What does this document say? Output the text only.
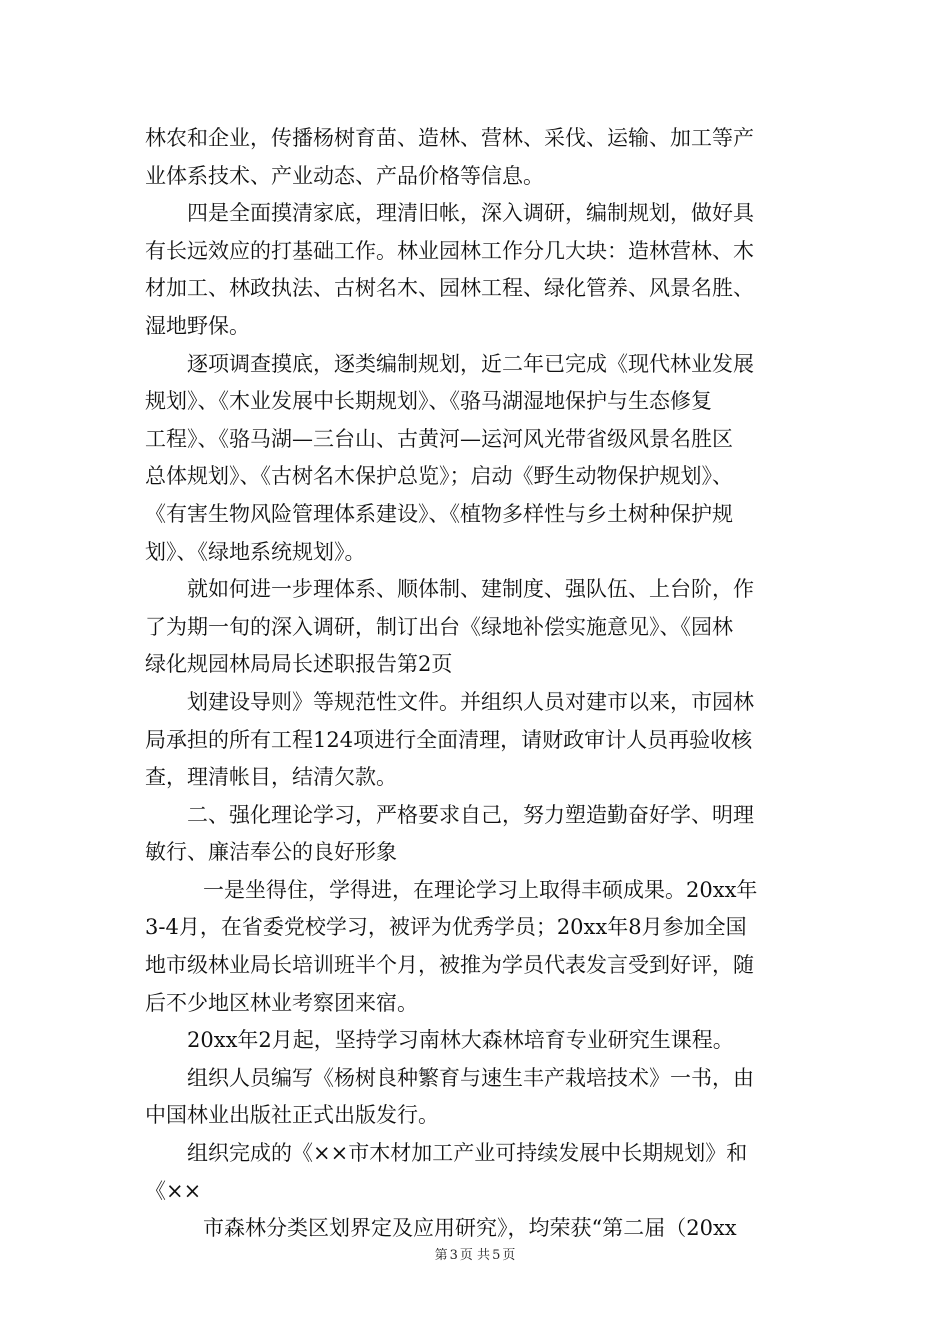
林农和企业，传播杨树育苗、造林、营林、采伐、运输、加工等产
业体系技术、产业动态、产品价格等信息。
四是全面摸清家底，理清旧帐，深入调研，编制规划，做好具
有长远效应的打基础工作。林业园林工作分几大块：造林营林、木
材加工、林政执法、古树名木、园林工程、绿化管养、风景名胜、
湿地野保。
逐项调查摸底，逐类编制规划，近二年已完成《现代林业发展
规划》、《木业发展中长期规划》、《骆马湖湿地保护与生态修复
工程》、《骆马湖—三台山、古黄河—运河风光带省级风景名胜区
总体规划》、《古树名木保护总览》；启动《野生动物保护规划》、
《有害生物风险管理体系建设》、《植物多样性与乡土树种保护规
划》、《绿地系统规划》。
就如何进一步理体系、顺体制、建制度、强队伍、上台阶，作
了为期一旬的深入调研，制订出台《绿地补偿实施意见》、《园林
绿化规园林局局长述职报告第2页
划建设导则》等规范性文件。并组织人员对建市以来，市园林
局承担的所有工程124项进行全面清理，请财政审计人员再验收核
查，理清帐目，结清欠款。
二、强化理论学习，严格要求自己，努力塑造勤奋好学、明理
敏行、廉洁奉公的良好形象
一是坐得住，学得进，在理论学习上取得丰硕成果。20xx年
3-4月，在省委党校学习，被评为优秀学员；20xx年8月参加全国
地市级林业局长培训班半个月，被推为学员代表发言受到好评，随
后不少地区林业考察团来宿。
20xx年2月起，坚持学习南林大森林培育专业研究生课程。
组织人员编写《杨树良种繁育与速生丰产栽培技术》一书，由
中国林业出版社正式出版发行。
组织完成的《××市木材加工产业可持续发展中长期规划》和
《××
市森林分类区划界定及应用研究》，均荣获“第二届（20xx
第 3 页 共 5 页
